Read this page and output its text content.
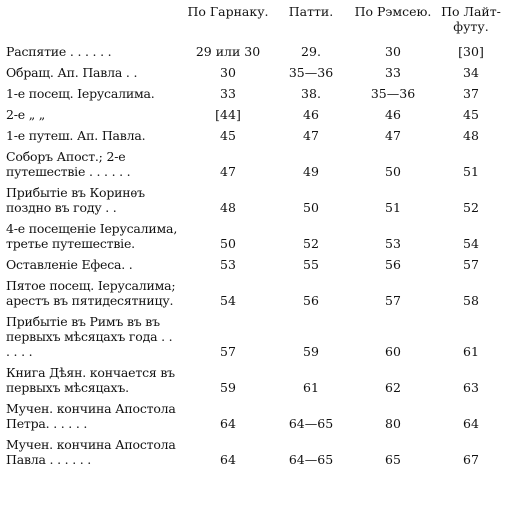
	По Гарнаку.	Патти.	По Рэмсею.	По Лайт-футу.
Распятие . . . . . .	29 или 30	29.	30	[30]
Обращ. Ап. Павла . .	30	35—36	33	34
1-е посещ. Iерусалима.	33	38.	35—36	37
2-е „ „	[44]	46	46	45
1-е путеш. Ап. Павла.	45	47	47	48
Соборъ Апост.; 2-е путешествiе . . . . . .	47	49	50	51
Прибытiе въ Коринѳъ поздно въ году . .	48	50	51	52
4-е посещенiе Iерусалима, третье путешествiе.	50	52	53	54
Оставленiе Ефеса. .	53	55	56	57
Пятое посещ. Iерусалима; арестъ въ пятидесятницу.	54	56	57	58
Прибытiе въ Римъ въ въ первыхъ мѣсяцахъ года . . . . . .	57	59	60	61
Книга Дѣян. кончается въ первыхъ мѣсяцахъ.	59	61	62	63
Мучен. кончина Апостола Петра. . . . . .	64	64—65	80	64
Мучен. кончина Апостола Павла . . . . . .	64	64—65	65	67
